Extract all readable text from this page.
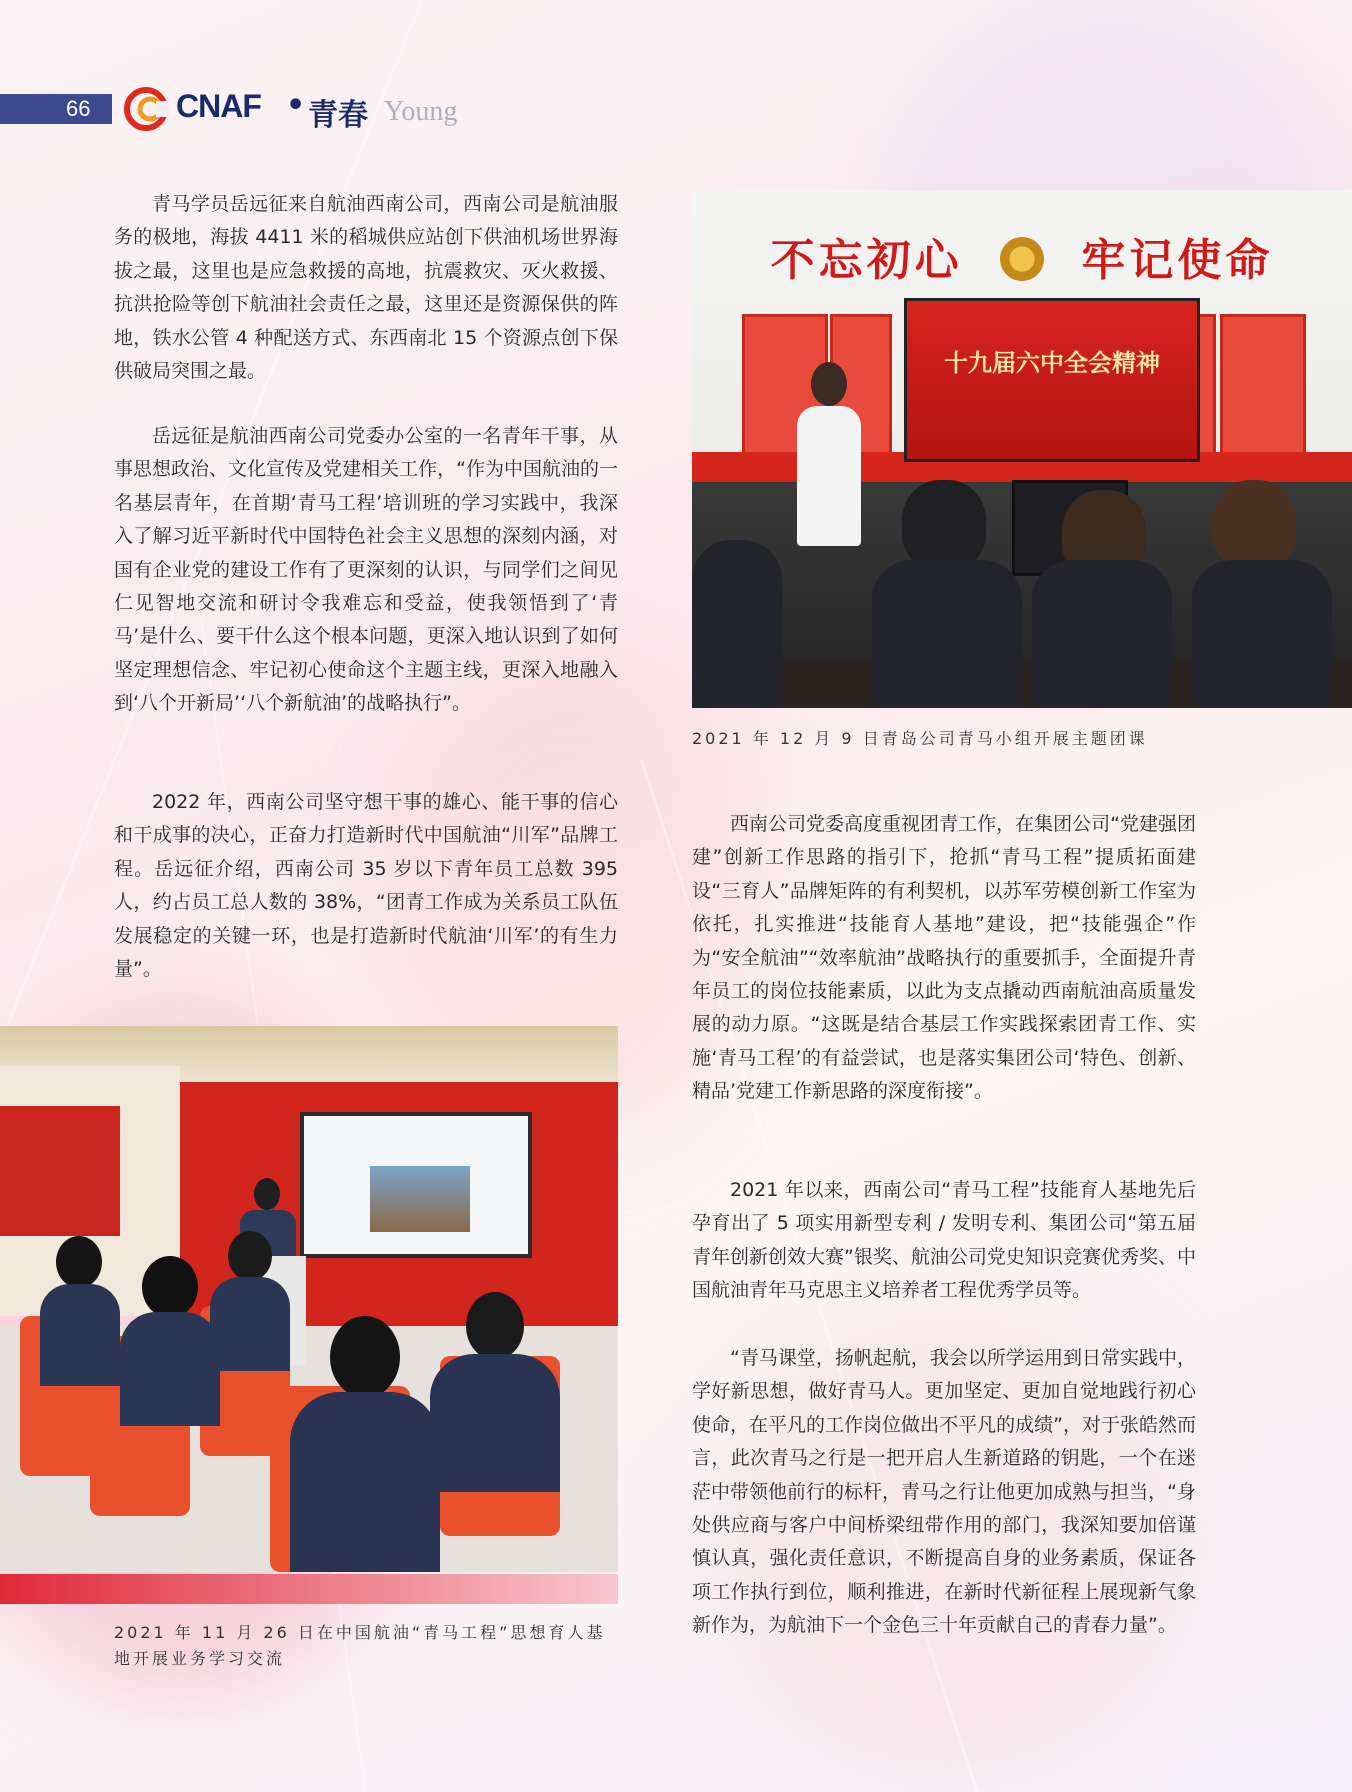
66	CNAF • 青春 Young

青马学员岳远征来自航油西南公司，西南公司是航油服务的极地，海拔 4411 米的稻城供应站创下供油机场世界海拔之最，这里也是应急救援的高地，抗震救灾、灭火救援、抗洪抢险等创下航油社会责任之最，这里还是资源保供的阵地，铁水公管 4 种配送方式、东西南北 15 个资源点创下保供破局突围之最。

岳远征是航油西南公司党委办公室的一名青年干事，从事思想政治、文化宣传及党建相关工作，“作为中国航油的一名基层青年，在首期‘青马工程’培训班的学习实践中，我深入了解习近平新时代中国特色社会主义思想的深刻内涵，对国有企业党的建设工作有了更深刻的认识，与同学们之间见仁见智地交流和研讨令我难忘和受益，使我领悟到了‘青马’是什么、要干什么这个根本问题，更深入地认识到了如何坚定理想信念、牢记初心使命这个主题主线，更深入地融入到‘八个开新局’‘八个新航油’的战略执行”。

2022 年，西南公司坚守想干事的雄心、能干事的信心和干成事的决心，正奋力打造新时代中国航油“川军”品牌工程。岳远征介绍，西南公司 35 岁以下青年员工总数 395 人，约占员工总人数的 38%，“团青工作成为关系员工队伍发展稳定的关键一环，也是打造新时代航油‘川军’的有生力量”。

不忘初心	牢记使命
十九届六中全会精神

2021 年 12 月 9 日青岛公司青马小组开展主题团课

西南公司党委高度重视团青工作，在集团公司“党建强团建”创新工作思路的指引下，抢抓“青马工程”提质拓面建设“三育人”品牌矩阵的有利契机，以苏军劳模创新工作室为依托，扎实推进“技能育人基地”建设，把“技能强企”作为“安全航油”“效率航油”战略执行的重要抓手，全面提升青年员工的岗位技能素质，以此为支点撬动西南航油高质量发展的动力原。“这既是结合基层工作实践探索团青工作、实施‘青马工程’的有益尝试，也是落实集团公司‘特色、创新、精品’党建工作新思路的深度衔接”。

2021 年以来，西南公司“青马工程”技能育人基地先后孕育出了 5 项实用新型专利 / 发明专利、集团公司“第五届青年创新创效大赛”银奖、航油公司党史知识竞赛优秀奖、中国航油青年马克思主义培养者工程优秀学员等。

“青马课堂，扬帆起航，我会以所学运用到日常实践中，学好新思想，做好青马人。更加坚定、更加自觉地践行初心使命，在平凡的工作岗位做出不平凡的成绩”，对于张皓然而言，此次青马之行是一把开启人生新道路的钥匙，一个在迷茫中带领他前行的标杆，青马之行让他更加成熟与担当，“身处供应商与客户中间桥梁纽带作用的部门，我深知要加倍谨慎认真，强化责任意识，不断提高自身的业务素质，保证各项工作执行到位，顺利推进，在新时代新征程上展现新气象新作为，为航油下一个金色三十年贡献自己的青春力量”。

2021 年 11 月 26 日在中国航油“青马工程”思想育人基地开展业务学习交流
